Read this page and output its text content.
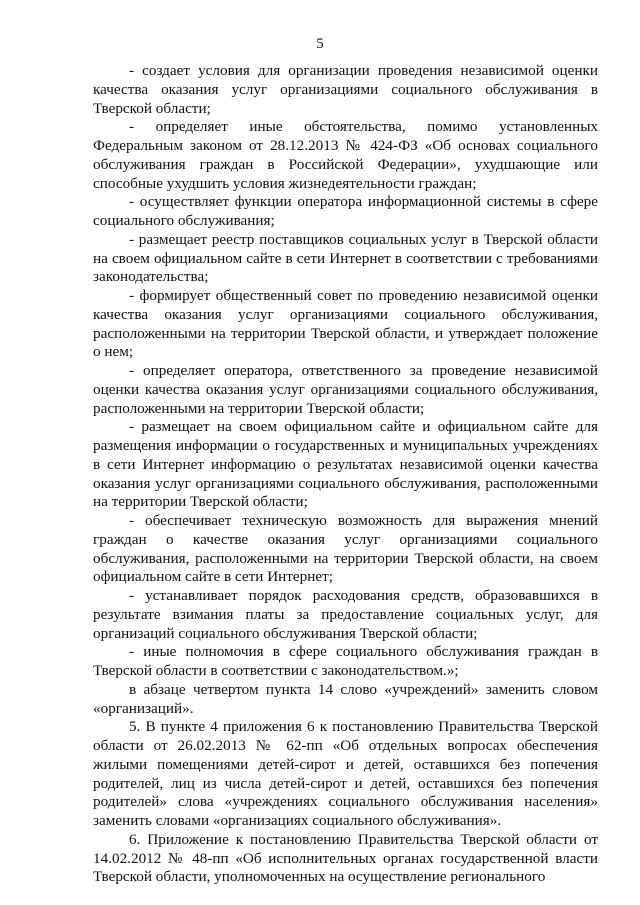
5

- создает условия для организации проведения независимой оценки качества оказания услуг организациями социального обслуживания в Тверской области;

- определяет иные обстоятельства, помимо установленных Федеральным законом от 28.12.2013 № 424-ФЗ «Об основах социального обслуживания граждан в Российской Федерации», ухудшающие или способные ухудшить условия жизнедеятельности граждан;

- осуществляет функции оператора информационной системы в сфере социального обслуживания;

- размещает реестр поставщиков социальных услуг в Тверской области на своем официальном сайте в сети Интернет в соответствии с требованиями законодательства;

- формирует общественный совет по проведению независимой оценки качества оказания услуг организациями социального обслуживания, расположенными на территории Тверской области, и утверждает положение о нем;

- определяет оператора, ответственного за проведение независимой оценки качества оказания услуг организациями социального обслуживания, расположенными на территории Тверской области;

- размещает на своем официальном сайте и официальном сайте для размещения информации о государственных и муниципальных учреждениях в сети Интернет информацию о результатах независимой оценки качества оказания услуг организациями социального обслуживания, расположенными на территории Тверской области;

- обеспечивает техническую возможность для выражения мнений граждан о качестве оказания услуг организациями социального обслуживания, расположенными на территории Тверской области, на своем официальном сайте в сети Интернет;

- устанавливает порядок расходования средств, образовавшихся в результате взимания платы за предоставление социальных услуг, для организаций социального обслуживания Тверской области;

- иные полномочия в сфере социального обслуживания граждан в Тверской области в соответствии с законодательством.»;

в абзаце четвертом пункта 14 слово «учреждений» заменить словом «организаций».

5. В пункте 4 приложения 6 к постановлению Правительства Тверской области от 26.02.2013 № 62-пп «Об отдельных вопросах обеспечения жилыми помещениями детей-сирот и детей, оставшихся без попечения родителей, лиц из числа детей-сирот и детей, оставшихся без попечения родителей» слова «учреждениях социального обслуживания населения» заменить словами «организациях социального обслуживания».

6. Приложение к постановлению Правительства Тверской области от 14.02.2012 № 48-пп «Об исполнительных органах государственной власти Тверской области, уполномоченных на осуществление регионального
